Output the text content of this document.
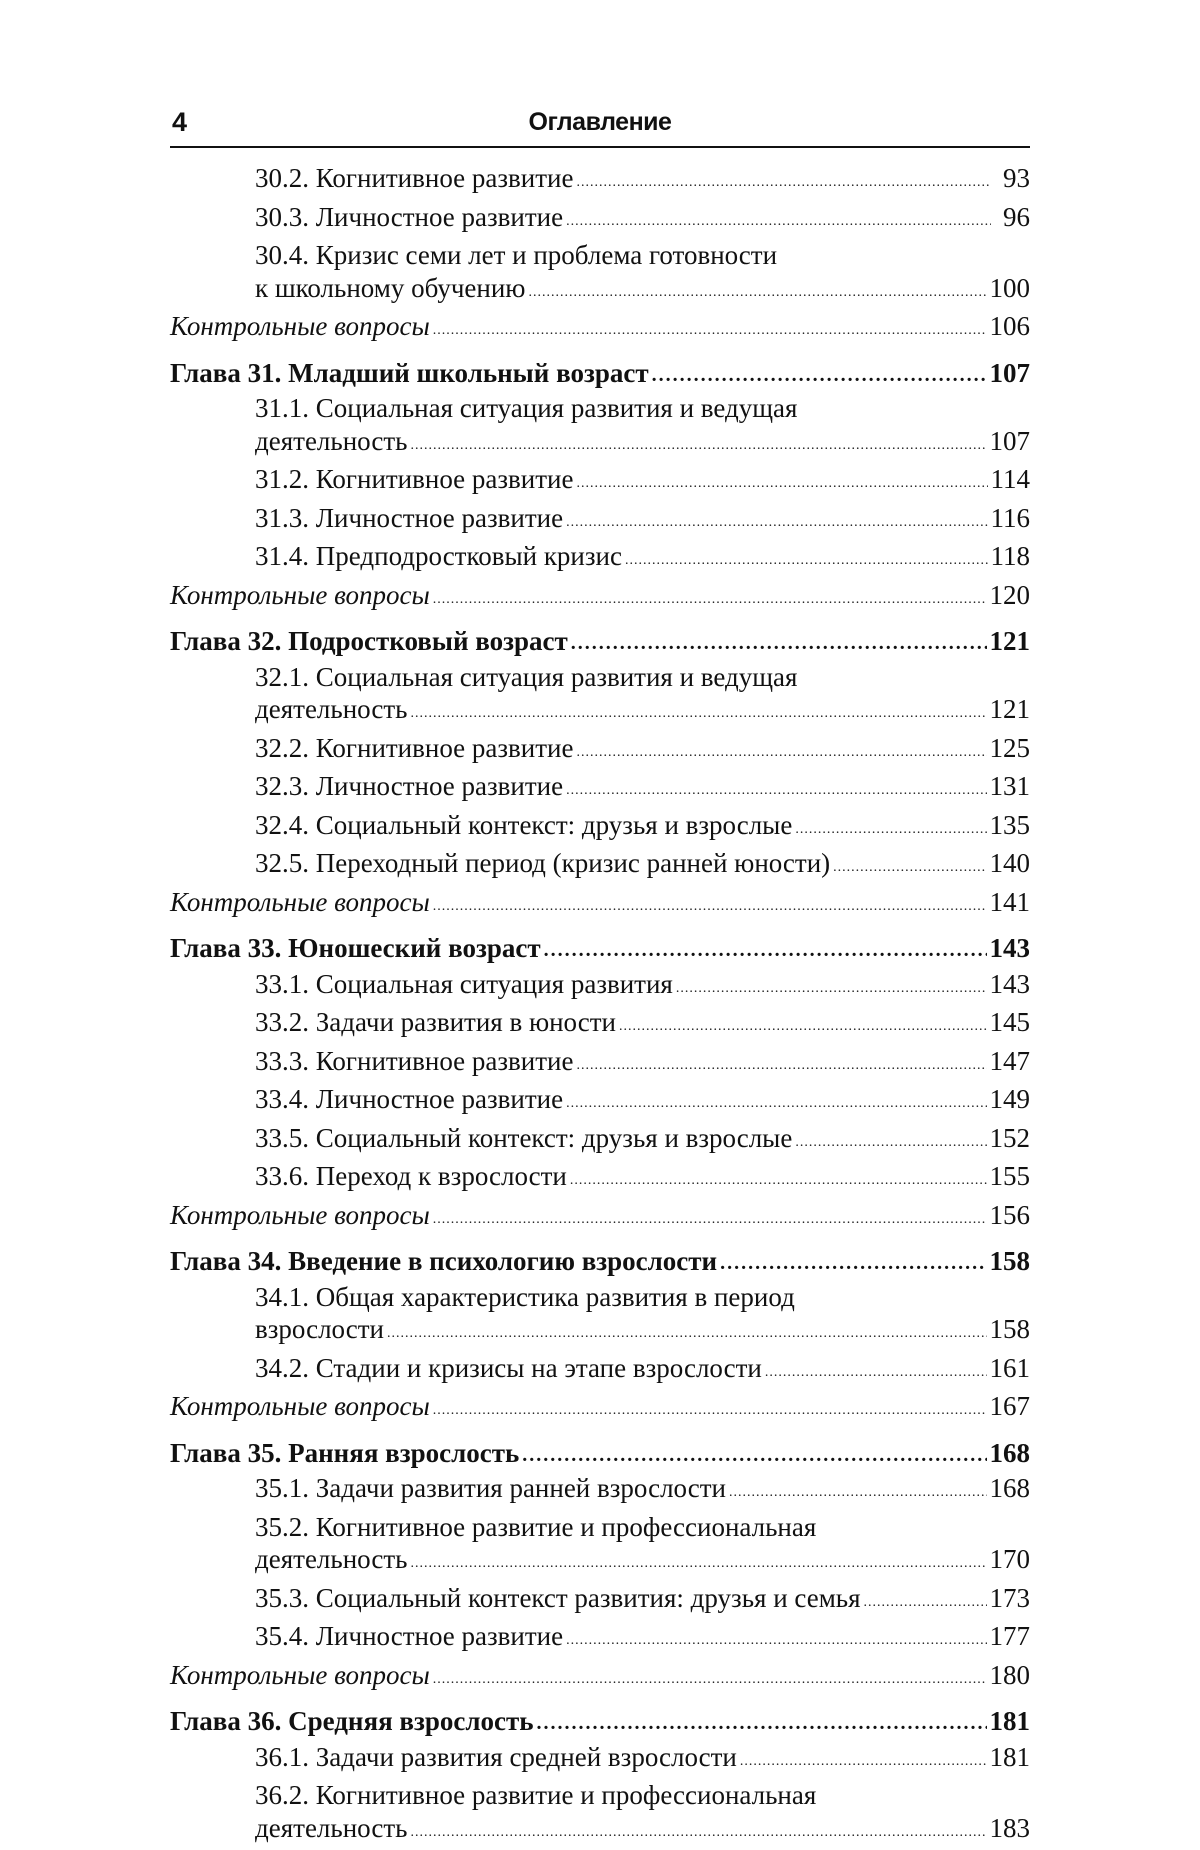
4	Оглавление
30.2. Когнитивное развитие .....	93
30.3. Личностное развитие .....	96
30.4. Кризис семи лет и проблема готовности
к школьному обучению .....	100
Контрольные вопросы .....	106
Глава 31. Младший школьный возраст .....	107
31.1. Социальная ситуация развития и ведущая
деятельность .....	107
31.2. Когнитивное развитие .....	114
31.3. Личностное развитие .....	116
31.4. Предподростковый кризис .....	118
Контрольные вопросы .....	120
Глава 32. Подростковый возраст .....	121
32.1. Социальная ситуация развития и ведущая
деятельность .....	121
32.2. Когнитивное развитие .....	125
32.3. Личностное развитие .....	131
32.4. Социальный контекст: друзья и взрослые .....	135
32.5. Переходный период (кризис ранней юности) .....	140
Контрольные вопросы .....	141
Глава 33. Юношеский возраст .....	143
33.1. Социальная ситуация развития .....	143
33.2. Задачи развития в юности .....	145
33.3. Когнитивное развитие .....	147
33.4. Личностное развитие .....	149
33.5. Социальный контекст: друзья и взрослые .....	152
33.6. Переход к взрослости .....	155
Контрольные вопросы .....	156
Глава 34. Введение в психологию взрослости .....	158
34.1. Общая характеристика развития в период
взрослости .....	158
34.2. Стадии и кризисы на этапе взрослости .....	161
Контрольные вопросы .....	167
Глава 35. Ранняя взрослость .....	168
35.1. Задачи развития ранней взрослости .....	168
35.2. Когнитивное развитие и профессиональная
деятельность .....	170
35.3. Социальный контекст развития: друзья и семья .....	173
35.4. Личностное развитие .....	177
Контрольные вопросы .....	180
Глава 36. Средняя взрослость .....	181
36.1. Задачи развития средней взрослости .....	181
36.2. Когнитивное развитие и профессиональная
деятельность .....	183
